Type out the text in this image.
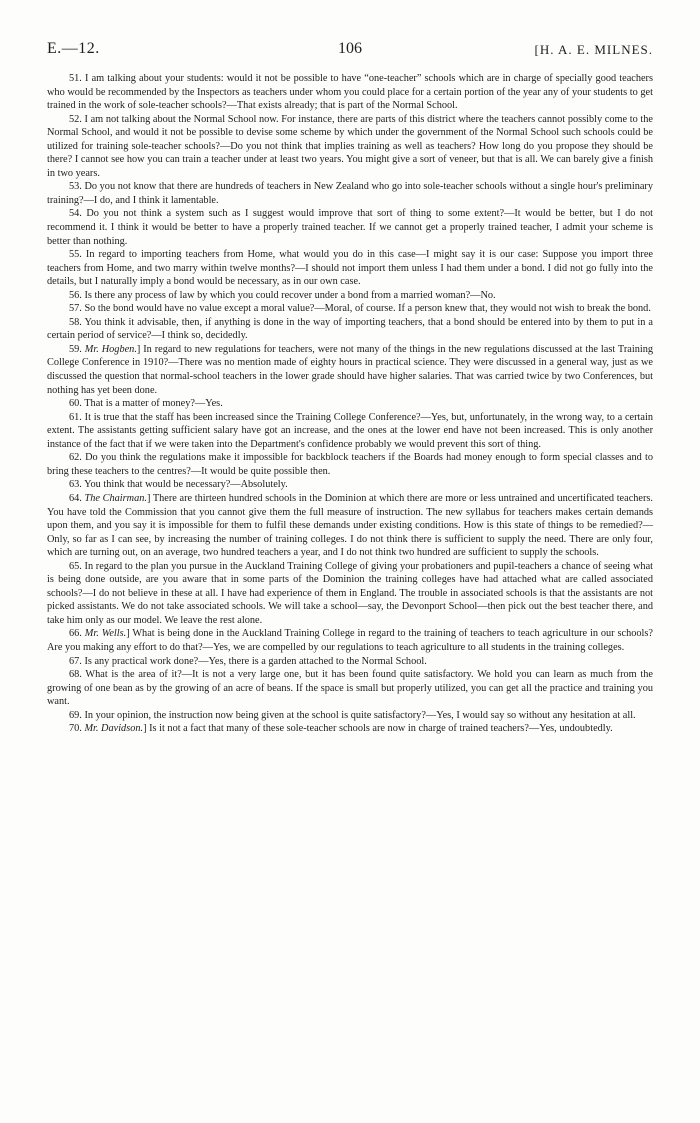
E.—12.	106	[H. A. E. MILNES.

51. I am talking about your students: would it not be possible to have “one-teacher” schools which are in charge of specially good teachers who would be recommended by the Inspectors as teachers under whom you could place for a certain portion of the year any of your students to get trained in the work of sole-teacher schools?—That exists already; that is part of the Normal School.

52. I am not talking about the Normal School now. For instance, there are parts of this district where the teachers cannot possibly come to the Normal School, and would it not be possible to devise some scheme by which under the government of the Normal School such schools could be utilized for training sole-teacher schools?—Do you not think that implies training as well as teachers? How long do you propose they should be there? I cannot see how you can train a teacher under at least two years. You might give a sort of veneer, but that is all. We can barely give a finish in two years.

53. Do you not know that there are hundreds of teachers in New Zealand who go into sole-teacher schools without a single hour's preliminary training?—I do, and I think it lamentable.

54. Do you not think a system such as I suggest would improve that sort of thing to some extent?—It would be better, but I do not recommend it. I think it would be better to have a properly trained teacher. If we cannot get a properly trained teacher, I admit your scheme is better than nothing.

55. In regard to importing teachers from Home, what would you do in this case—I might say it is our case: Suppose you import three teachers from Home, and two marry within twelve months?—I should not import them unless I had them under a bond. I did not go fully into the details, but I naturally imply a bond would be necessary, as in our own case.

56. Is there any process of law by which you could recover under a bond from a married woman?—No.

57. So the bond would have no value except a moral value?—Moral, of course. If a person knew that, they would not wish to break the bond.

58. You think it advisable, then, if anything is done in the way of importing teachers, that a bond should be entered into by them to put in a certain period of service?—I think so, decidedly.

59. Mr. Hogben.] In regard to new regulations for teachers, were not many of the things in the new regulations discussed at the last Training College Conference in 1910?—There was no mention made of eighty hours in practical science. They were discussed in a general way, just as we discussed the question that normal-school teachers in the lower grade should have higher salaries. That was carried twice by two Conferences, but nothing has yet been done.

60. That is a matter of money?—Yes.

61. It is true that the staff has been increased since the Training College Conference?—Yes, but, unfortunately, in the wrong way, to a certain extent. The assistants getting sufficient salary have got an increase, and the ones at the lower end have not been increased. This is only another instance of the fact that if we were taken into the Department's confidence probably we would prevent this sort of thing.

62. Do you think the regulations make it impossible for backblock teachers if the Boards had money enough to form special classes and to bring these teachers to the centres?—It would be quite possible then.

63. You think that would be necessary?—Absolutely.

64. The Chairman.] There are thirteen hundred schools in the Dominion at which there are more or less untrained and uncertificated teachers. You have told the Commission that you cannot give them the full measure of instruction. The new syllabus for teachers makes certain demands upon them, and you say it is impossible for them to fulfil these demands under existing conditions. How is this state of things to be remedied?—Only, so far as I can see, by increasing the number of training colleges. I do not think there is sufficient to supply the need. There are only four, which are turning out, on an average, two hundred teachers a year, and I do not think two hundred are sufficient to supply the schools.

65. In regard to the plan you pursue in the Auckland Training College of giving your probationers and pupil-teachers a chance of seeing what is being done outside, are you aware that in some parts of the Dominion the training colleges have had attached what are called associated schools?—I do not believe in these at all. I have had experience of them in England. The trouble in associated schools is that the assistants are not picked assistants. We do not take associated schools. We will take a school—say, the Devonport School—then pick out the best teacher there, and take him only as our model. We leave the rest alone.

66. Mr. Wells.] What is being done in the Auckland Training College in regard to the training of teachers to teach agriculture in our schools? Are you making any effort to do that?—Yes, we are compelled by our regulations to teach agriculture to all students in the training colleges.

67. Is any practical work done?—Yes, there is a garden attached to the Normal School.

68. What is the area of it?—It is not a very large one, but it has been found quite satisfactory. We hold you can learn as much from the growing of one bean as by the growing of an acre of beans. If the space is small but properly utilized, you can get all the practice and training you want.

69. In your opinion, the instruction now being given at the school is quite satisfactory?—Yes, I would say so without any hesitation at all.

70. Mr. Davidson.] Is it not a fact that many of these sole-teacher schools are now in charge of trained teachers?—Yes, undoubtedly.
